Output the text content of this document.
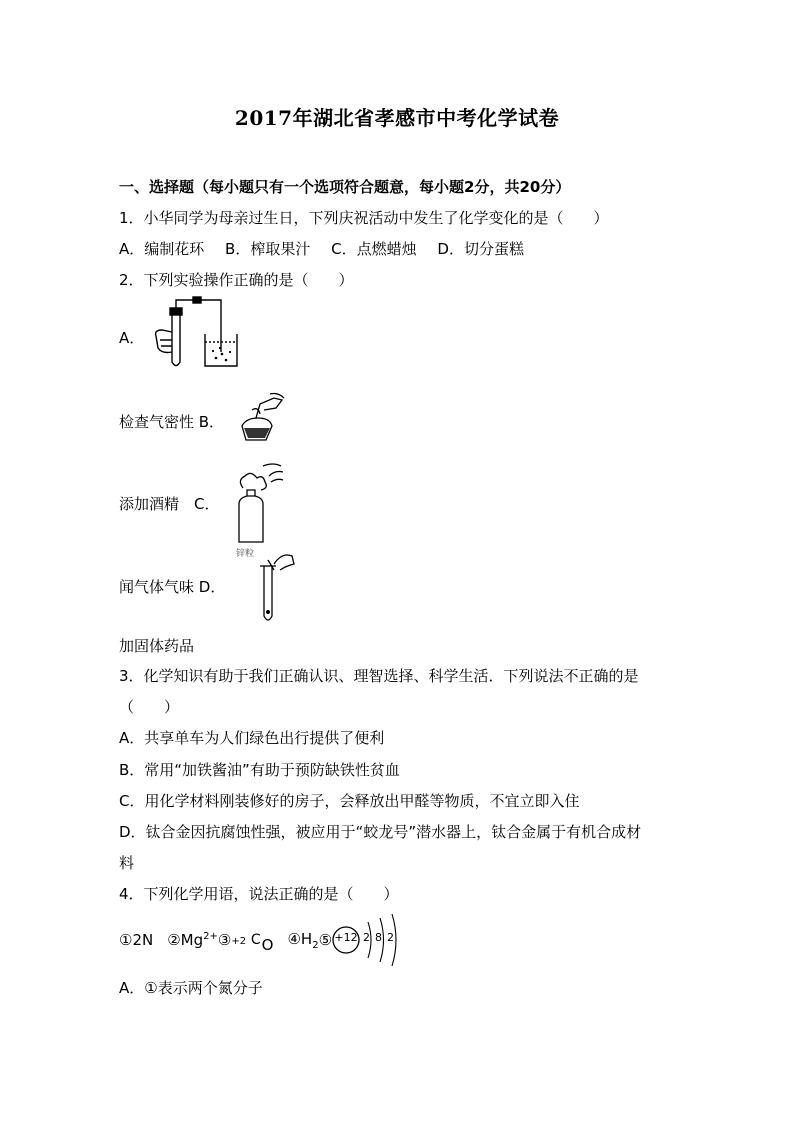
2017年湖北省孝感市中考化学试卷
一、选择题（每小题只有一个选项符合题意，每小题2分，共20分）
1．小华同学为母亲过生日，下列庆祝活动中发生了化学变化的是（　　）
A．编制花环 B．榨取果汁 C．点燃蜡烛 D．切分蛋糕
2．下列实验操作正确的是（　　）
A．
检查气密性 B．
添加酒精　C．
闻气体气味 D．
锌粒
加固体药品
3．化学知识有助于我们正确认识、理智选择、科学生活．下列说法不正确的是
（　　）
A．共享单车为人们绿色出行提供了便利
B．常用“加铁酱油”有助于预防缺铁性贫血
C．用化学材料刚装修好的房子，会释放出甲醛等物质，不宜立即入住
D．钛合金因抗腐蚀性强，被应用于“蛟龙号”潜水器上，钛合金属于有机合成材
料
4．下列化学用语，说法正确的是（　　）
①2N $②Mg^{2+}$ ③ +2 C O $④H_2$ ⑤ +12 2 8 2
A．①表示两个氮分子
